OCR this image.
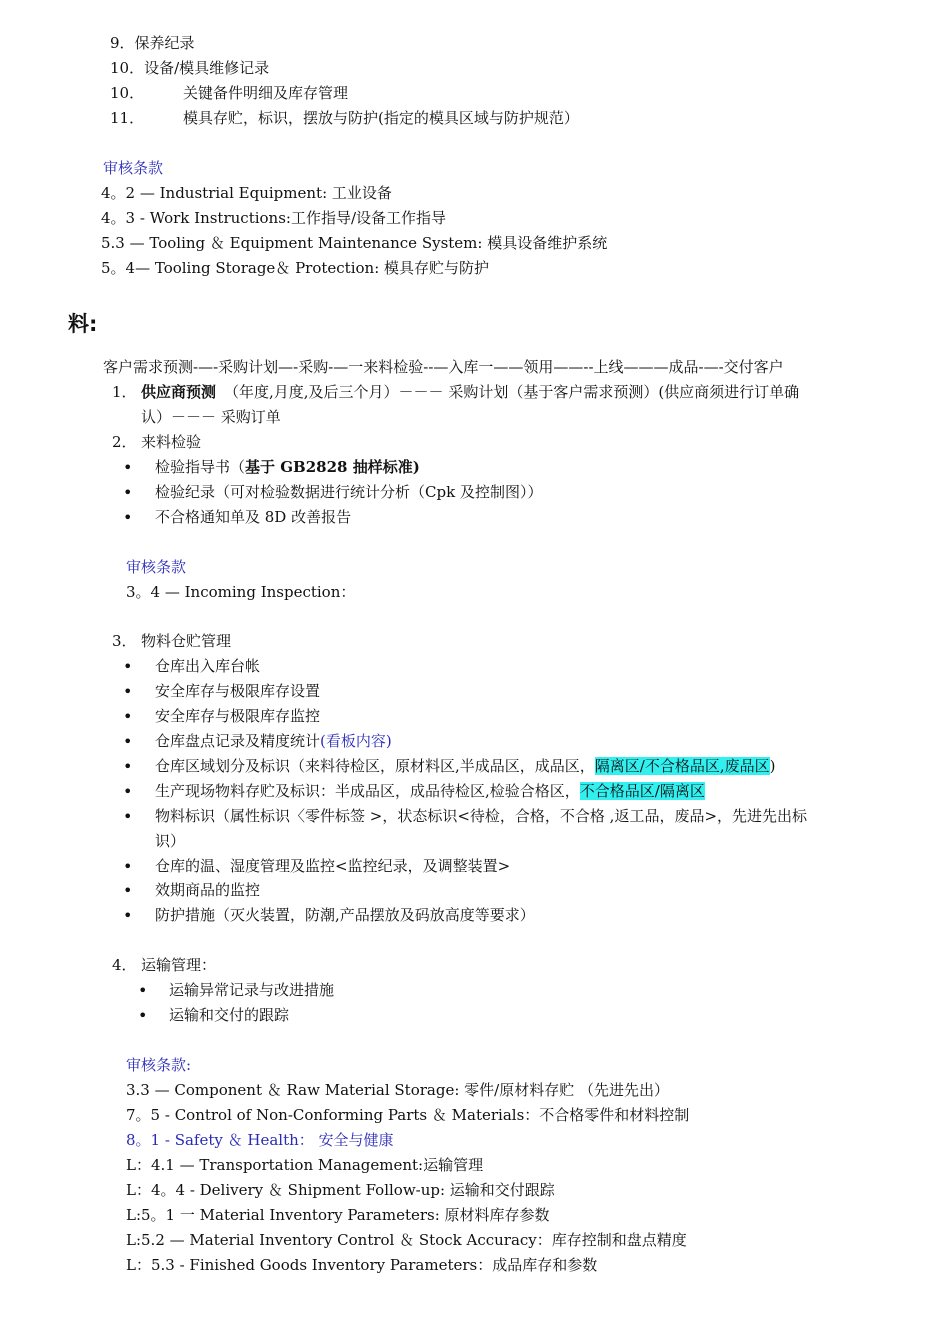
9．保养纪录
10．设备/模具维修记录
10．	关键备件明细及库存管理
11．	模具存贮，标识，摆放与防护(指定的模具区域与防护规范）
审核条款
4。2 — Industrial Equipment: 工业设备
4。3 - Work Instructions:工作指导/设备工作指导
5.3 — Tooling ＆ Equipment Maintenance System: 模具设备维护系统
5。4— Tooling Storage＆ Protection: 模具存贮与防护
料:
客户需求预测-—-采购计划—-采购-—一来料检验--—入库一——领用——--上线———成品-—-交付客户
1． 供应商预测 （年度,月度,及后三个月）－－－ 采购计划（基于客户需求预测）(供应商须进行订单确
认）－－－ 采购订单
2． 来料检验
• 检验指导书（基于 GB2828 抽样标准)
• 检验纪录（可对检验数据进行统计分析（Cpk 及控制图））
• 不合格通知单及 8D 改善报告
审核条款
3。4 — Incoming Inspection：
3． 物料仓贮管理
• 仓库出入库台帐
• 安全库存与极限库存设置
• 安全库存与极限库存监控
• 仓库盘点记录及精度统计(看板内容)
• 仓库区域划分及标识（来料待检区，原材料区,半成品区，成品区，隔离区/不合格品区,废品区)
• 生产现场物料存贮及标识：半成品区，成品待检区,检验合格区，不合格品区/隔离区
• 物料标识（属性标识〈零件标签 >，状态标识<待检，合格，不合格 ,返工品，废品>，先进先出标
识）
• 仓库的温、湿度管理及监控<监控纪录，及调整装置>
• 效期商品的监控
• 防护措施（灭火装置，防潮,产品摆放及码放高度等要求）
4． 运输管理：
• 运输异常记录与改进措施
• 运输和交付的跟踪
审核条款:
3.3 — Component ＆ Raw Material Storage: 零件/原材料存贮 （先进先出）
7。5 - Control of Non-Conforming Parts ＆ Materials：不合格零件和材料控制
8。1 - Safety ＆ Health： 安全与健康
L：4.1 — Transportation Management:运输管理
L：4。4 - Delivery ＆ Shipment Follow-up: 运输和交付跟踪
L:5。1 一 Material Inventory Parameters: 原材料库存参数
L:5.2 — Material Inventory Control ＆ Stock Accuracy：库存控制和盘点精度
L：5.3 - Finished Goods Inventory Parameters：成品库存和参数
